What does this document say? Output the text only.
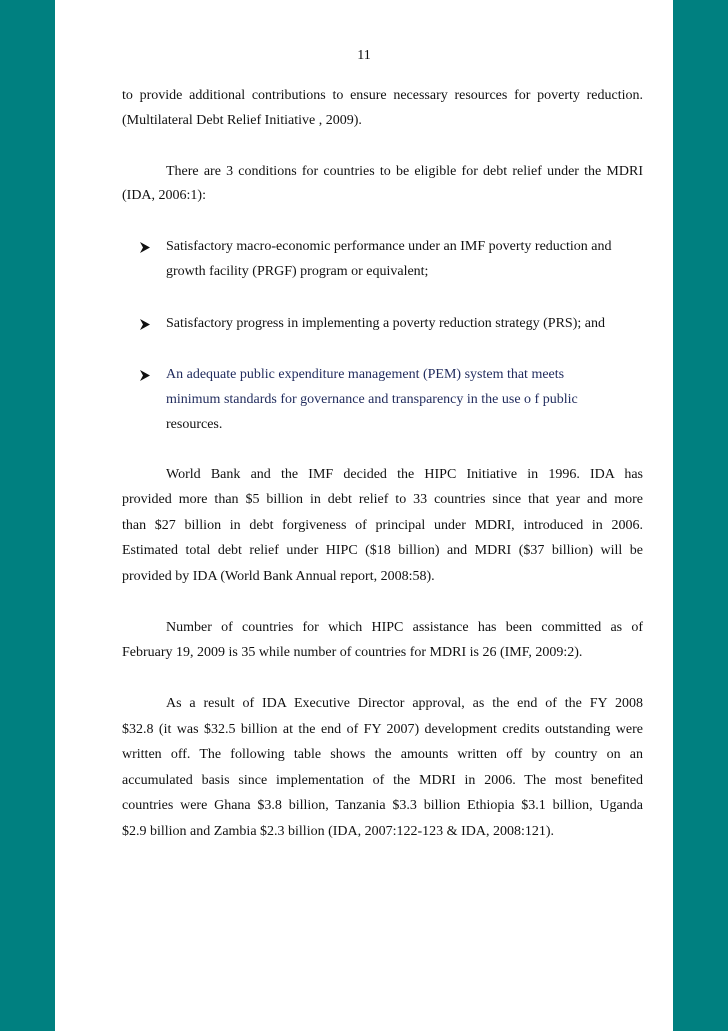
11
to provide additional contributions to ensure necessary resources for poverty reduction.
(Multilateral Debt Relief Initiative , 2009).
There are 3 conditions for countries to be eligible for debt relief under the MDRI
(IDA, 2006:1):
Satisfactory macro-economic performance under an IMF poverty reduction and
growth facility (PRGF) program or equivalent;
Satisfactory progress in implementing a poverty reduction strategy (PRS); and
An adequate public expenditure management (PEM) system that meets
minimum standards for governance and transparency in the use o f public
resources.
World Bank and the IMF decided the HIPC Initiative in 1996. IDA has
provided more than $5 billion in debt relief to 33 countries since that year and more
than $27 billion in debt forgiveness of principal under MDRI, introduced in 2006.
Estimated total debt relief under HIPC ($18 billion) and MDRI ($37 billion) will be
provided by IDA (World Bank Annual report, 2008:58).
Number of countries for which HIPC assistance has been committed as of
February 19, 2009 is 35 while number of countries for MDRI is 26 (IMF, 2009:2).
As a result of IDA Executive Director approval, as the end of the FY 2008
$32.8 (it was $32.5 billion at the end of FY 2007) development credits outstanding were
written off. The following table shows the amounts written off by country on an
accumulated basis since implementation of the MDRI in 2006. The most benefited
countries were Ghana $3.8 billion, Tanzania $3.3 billion Ethiopia $3.1 billion, Uganda
$2.9 billion and Zambia $2.3 billion (IDA, 2007:122-123 & IDA, 2008:121).
